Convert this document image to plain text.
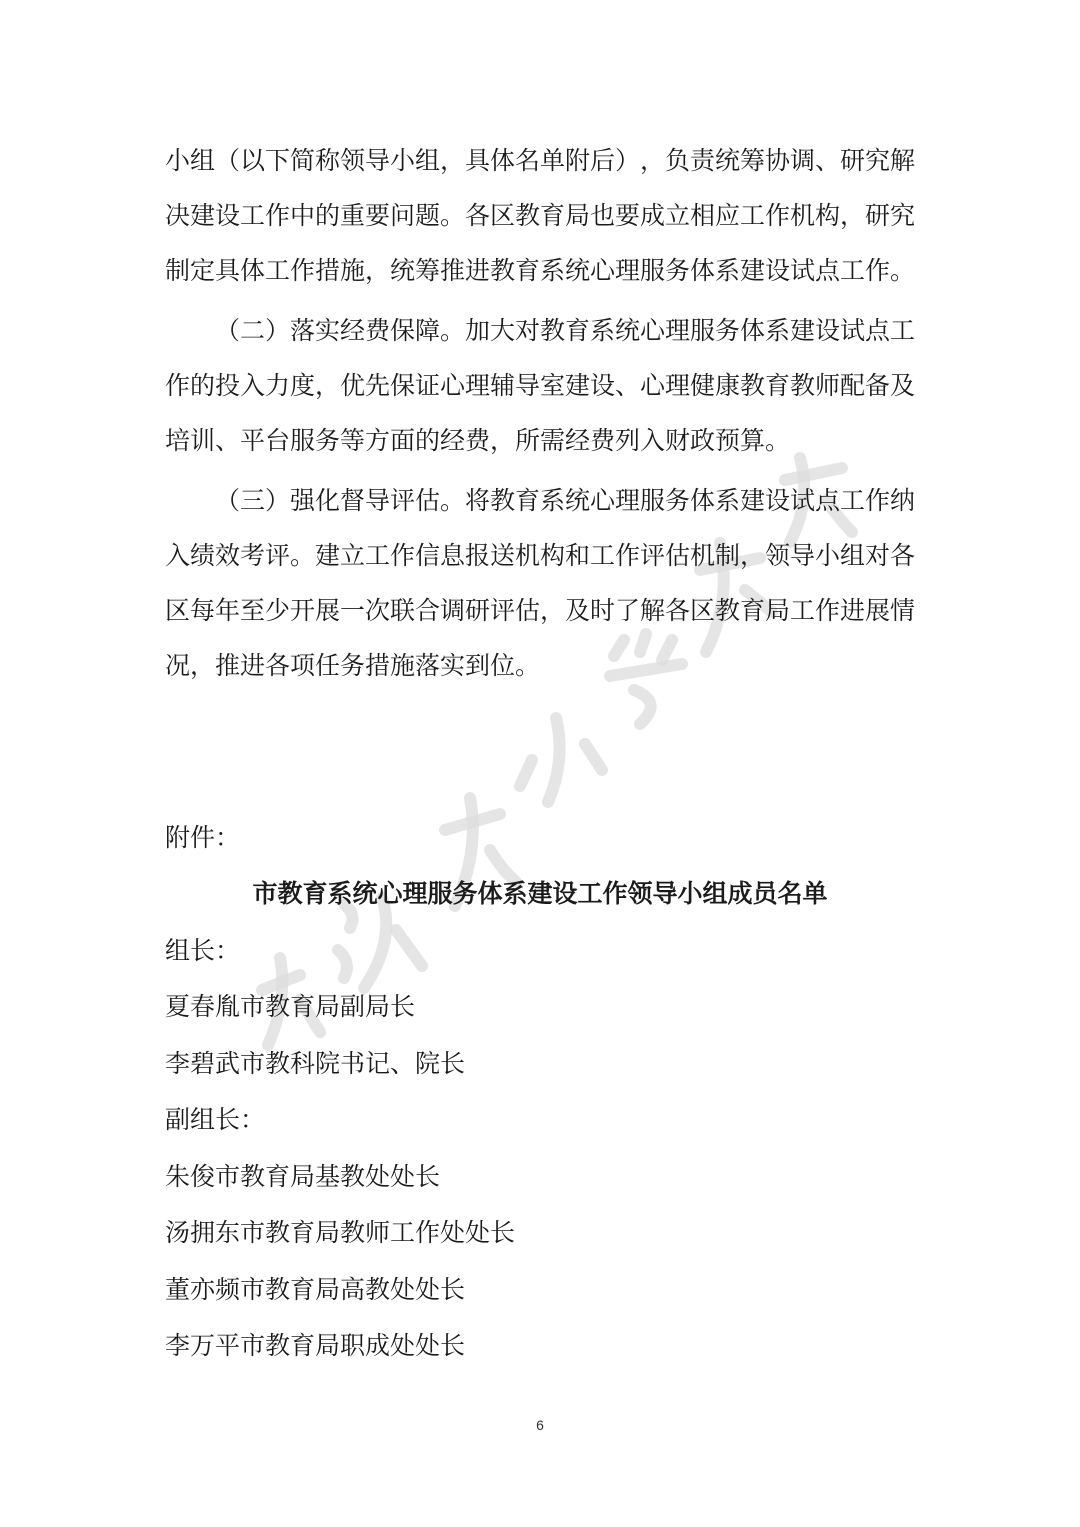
小组（以下简称领导小组，具体名单附后），负责统筹协调、研究解
决建设工作中的重要问题。各区教育局也要成立相应工作机构，研究
制定具体工作措施，统筹推进教育系统心理服务体系建设试点工作。
（二）落实经费保障。加大对教育系统心理服务体系建设试点工
作的投入力度，优先保证心理辅导室建设、心理健康教育教师配备及
培训、平台服务等方面的经费，所需经费列入财政预算。
（三）强化督导评估。将教育系统心理服务体系建设试点工作纳
入绩效考评。建立工作信息报送机构和工作评估机制，领导小组对各
区每年至少开展一次联合调研评估，及时了解各区教育局工作进展情
况，推进各项任务措施落实到位。
附件：
市教育系统心理服务体系建设工作领导小组成员名单
组长：
夏春胤市教育局副局长
李碧武市教科院书记、院长
副组长：
朱俊市教育局基教处处长
汤拥东市教育局教师工作处处长
董亦频市教育局高教处处长
李万平市教育局职成处处长
6
